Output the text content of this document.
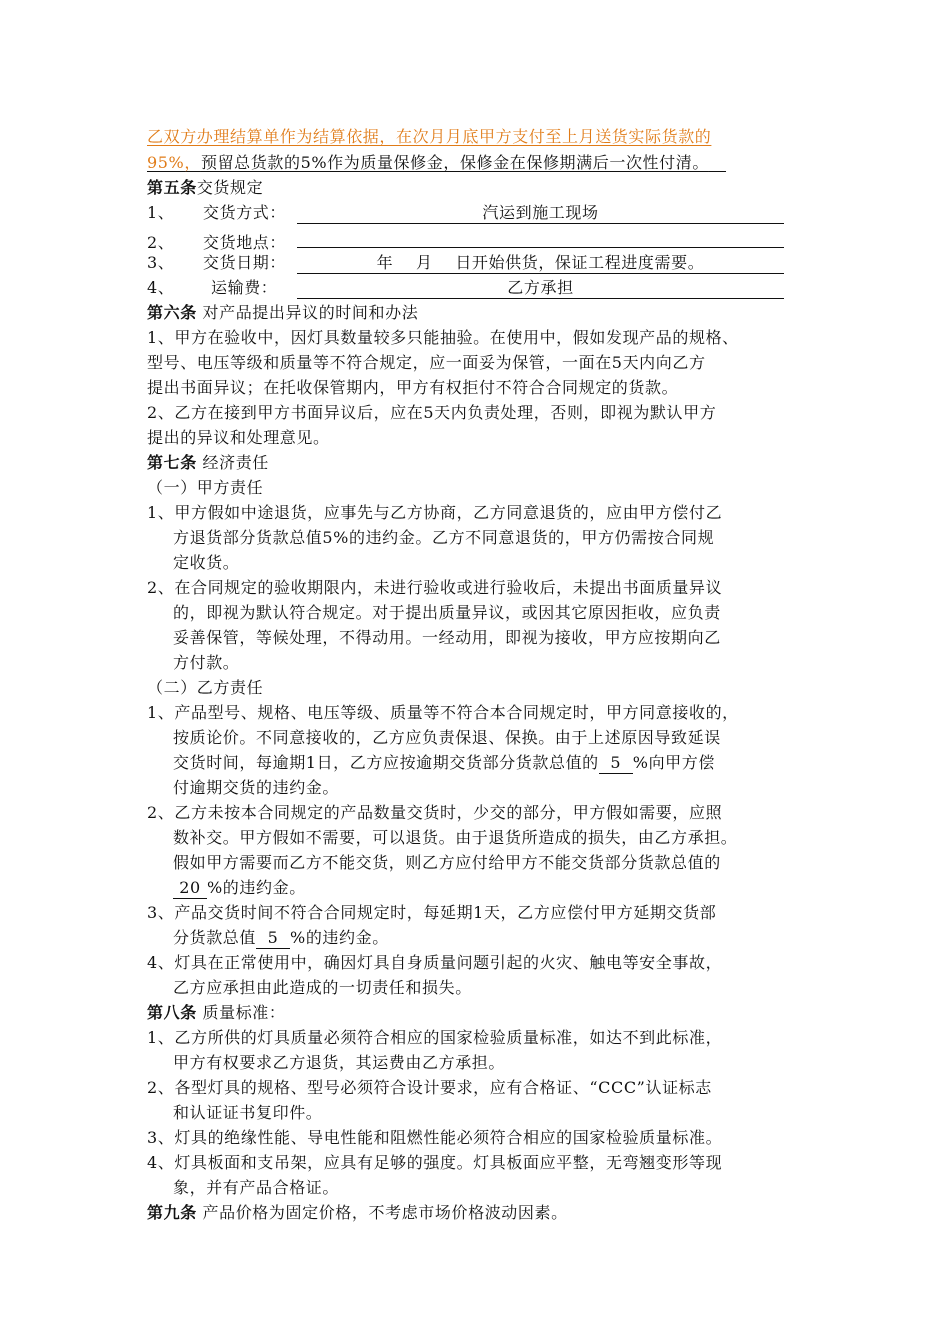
乙双方办理结算单作为结算依据，在次月月底甲方支付至上月送货实际货款的
95%，预留总货款的5%作为质量保修金，保修金在保修期满后一次性付清。
第五条交货规定
1、 交货方式：	汽运到施工现场
2、 交货地点：
3、 交货日期：	年    月    日开始供货，保证工程进度需要。
4、 运输费：	乙方承担
第六条 对产品提出异议的时间和办法
1、甲方在验收中，因灯具数量较多只能抽验。在使用中，假如发现产品的规格、
型号、电压等级和质量等不符合规定，应一面妥为保管，一面在5天内向乙方
提出书面异议；在托收保管期内，甲方有权拒付不符合合同规定的货款。
2、乙方在接到甲方书面异议后，应在5天内负责处理，否则，即视为默认甲方
提出的异议和处理意见。
第七条 经济责任
（一）甲方责任
1、甲方假如中途退货，应事先与乙方协商，乙方同意退货的，应由甲方偿付乙
方退货部分货款总值5%的违约金。乙方不同意退货的，甲方仍需按合同规
定收货。
2、在合同规定的验收期限内，未进行验收或进行验收后，未提出书面质量异议
的，即视为默认符合规定。对于提出质量异议，或因其它原因拒收，应负责
妥善保管，等候处理，不得动用。一经动用，即视为接收，甲方应按期向乙
方付款。
（二）乙方责任
1、产品型号、规格、电压等级、质量等不符合本合同规定时，甲方同意接收的，
按质论价。不同意接收的，乙方应负责保退、保换。由于上述原因导致延误
交货时间，每逾期1日，乙方应按逾期交货部分货款总值的 5 %向甲方偿
付逾期交货的违约金。
2、乙方未按本合同规定的产品数量交货时，少交的部分，甲方假如需要，应照
数补交。甲方假如不需要，可以退货。由于退货所造成的损失，由乙方承担。
假如甲方需要而乙方不能交货，则乙方应付给甲方不能交货部分货款总值的
20 %的违约金。
3、产品交货时间不符合合同规定时，每延期1天，乙方应偿付甲方延期交货部
分货款总值 5 %的违约金。
4、灯具在正常使用中，确因灯具自身质量问题引起的火灾、触电等安全事故，
乙方应承担由此造成的一切责任和损失。
第八条 质量标准：
1、乙方所供的灯具质量必须符合相应的国家检验质量标准，如达不到此标准，
甲方有权要求乙方退货，其运费由乙方承担。
2、各型灯具的规格、型号必须符合设计要求，应有合格证、“CCC”认证标志
和认证证书复印件。
3、灯具的绝缘性能、导电性能和阻燃性能必须符合相应的国家检验质量标准。
4、灯具板面和支吊架，应具有足够的强度。灯具板面应平整，无弯翘变形等现
象，并有产品合格证。
第九条 产品价格为固定价格，不考虑市场价格波动因素。
